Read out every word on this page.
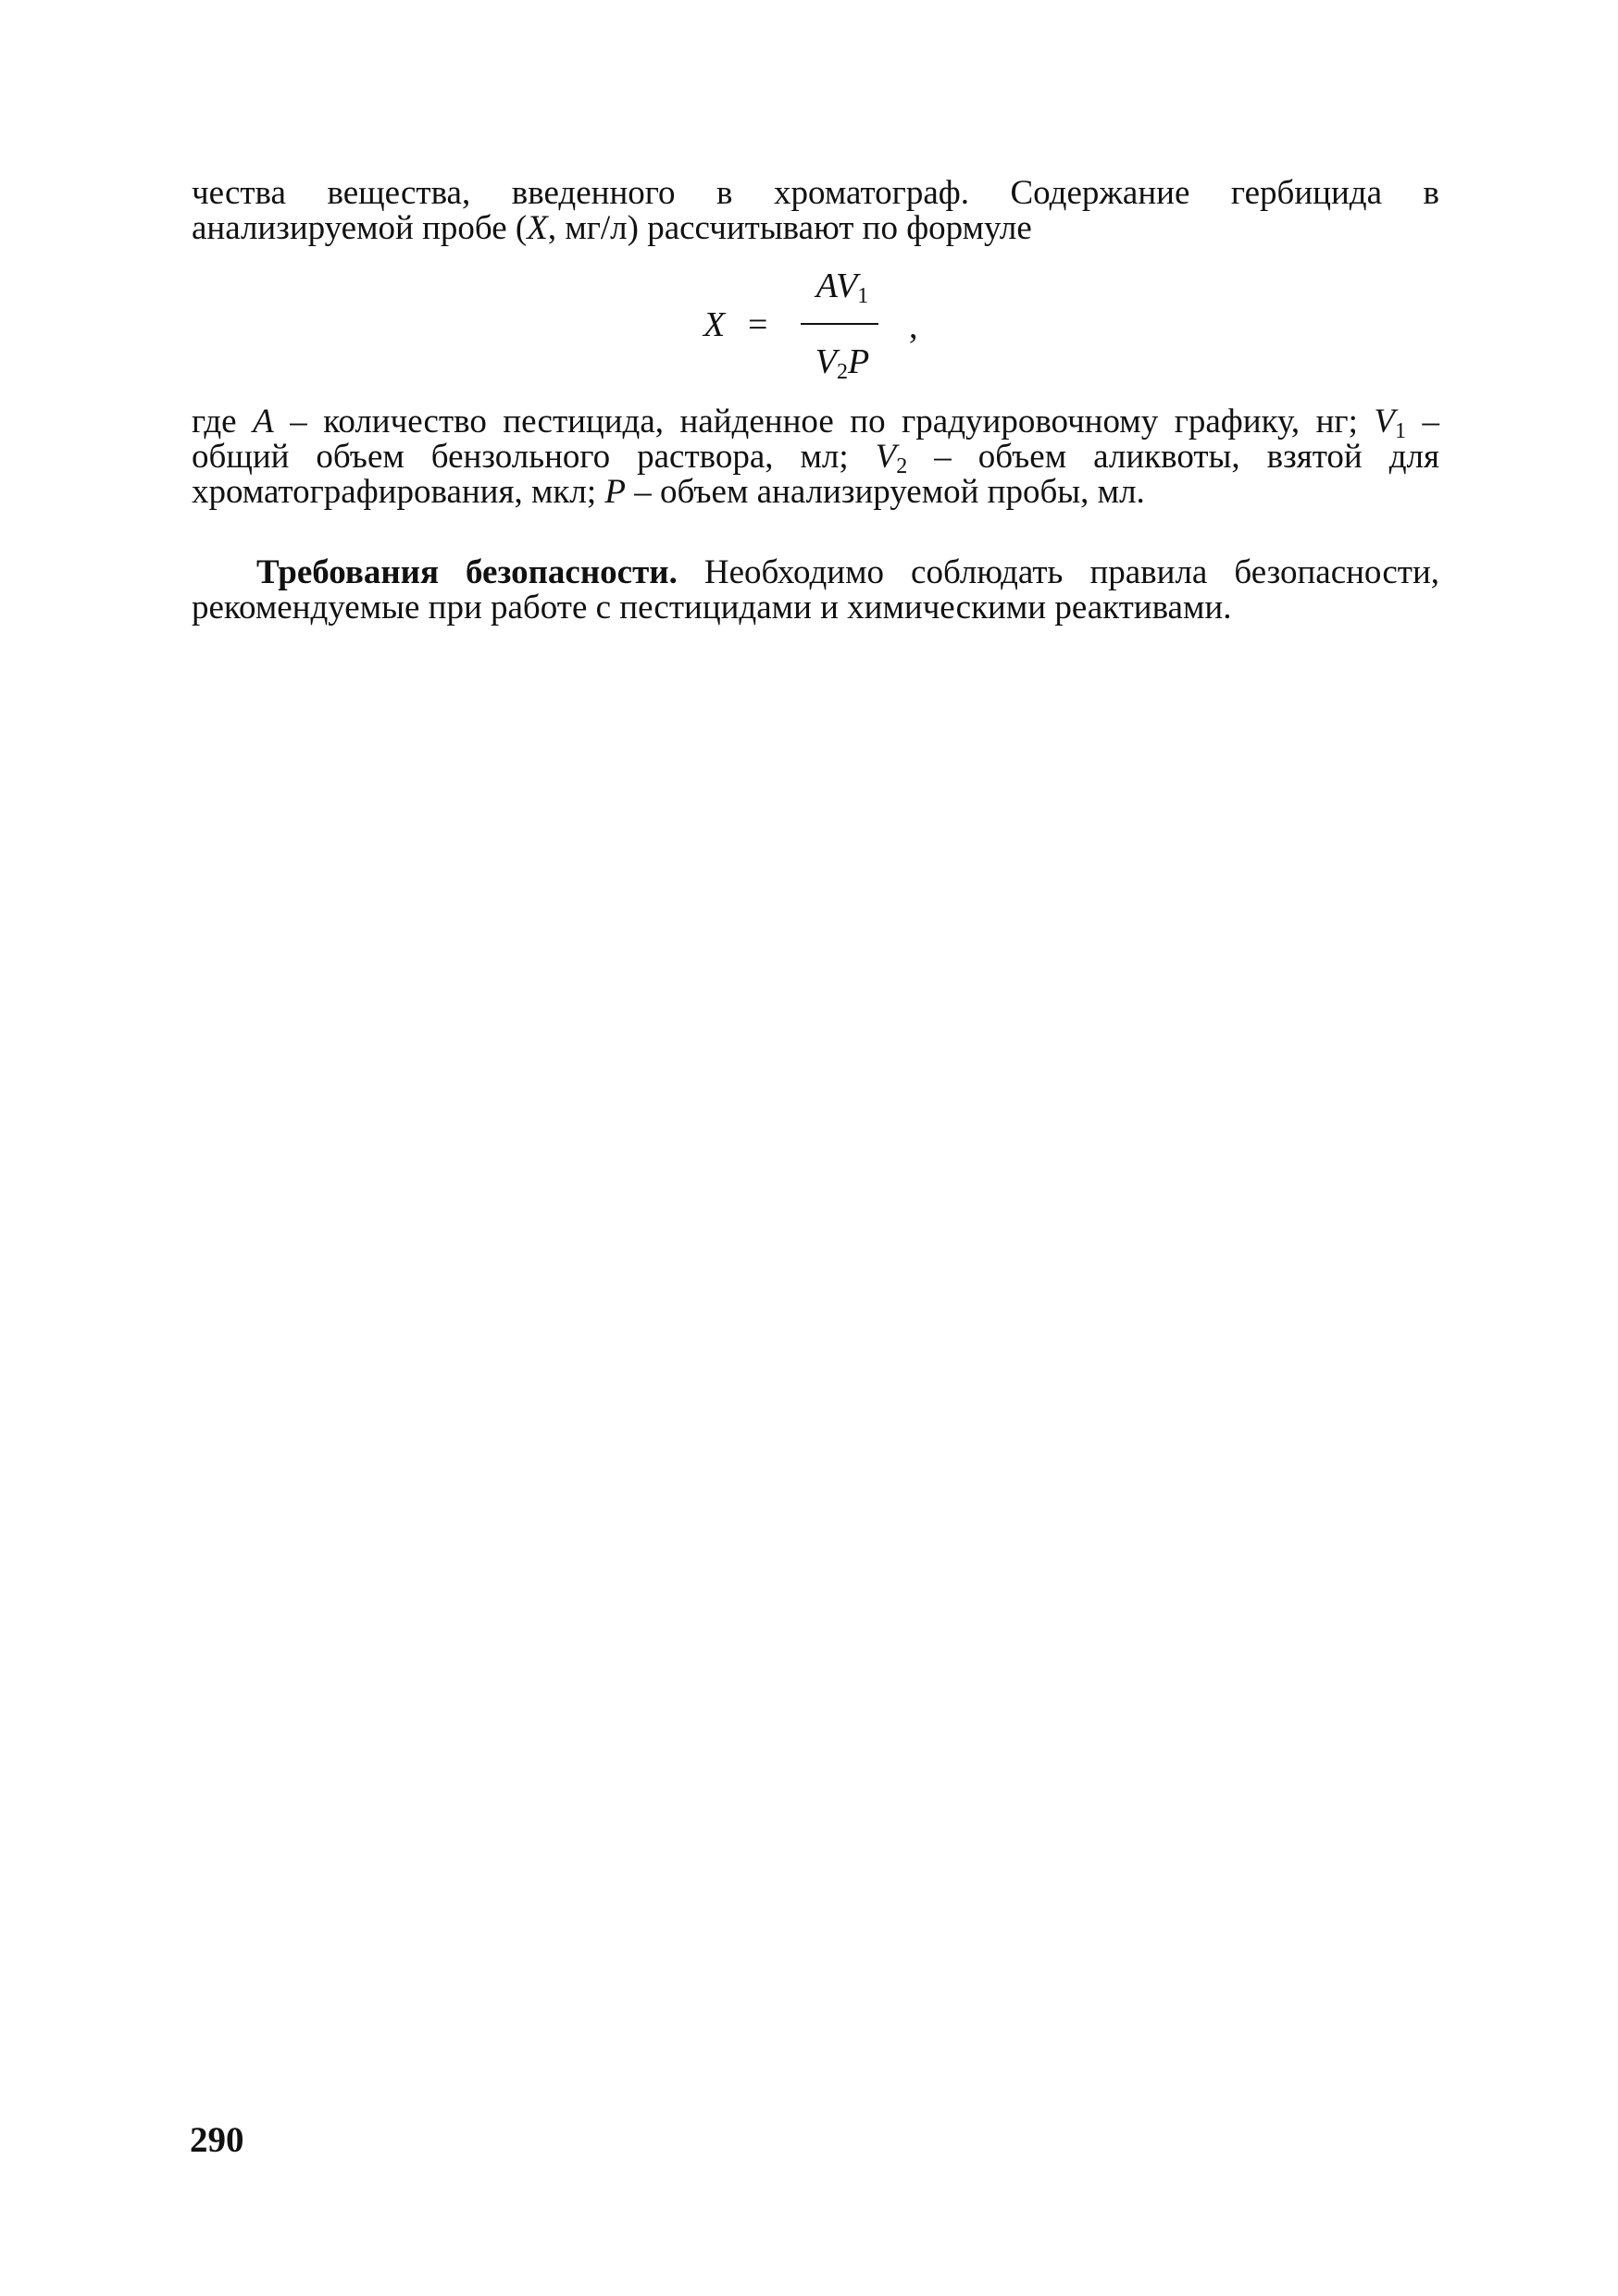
чества вещества, введенного в хроматограф. Содержание гербицида в

анализируемой пробе (X, мг/л) рассчитывают по формуле

X =
$AV_1$
$V_2P$
,

где A – количество пестицида, найденное по градуировочному графику, нг; $V_1$ – общий объем бензольного раствора, мл; $V_2$ – объем аликвоты, взятой для хроматографирования, мкл; P – объем анализируемой пробы, мл.

Требования безопасности. Необходимо соблюдать правила безопасности, рекомендуемые при работе с пестицидами и химическими реактивами.

290
